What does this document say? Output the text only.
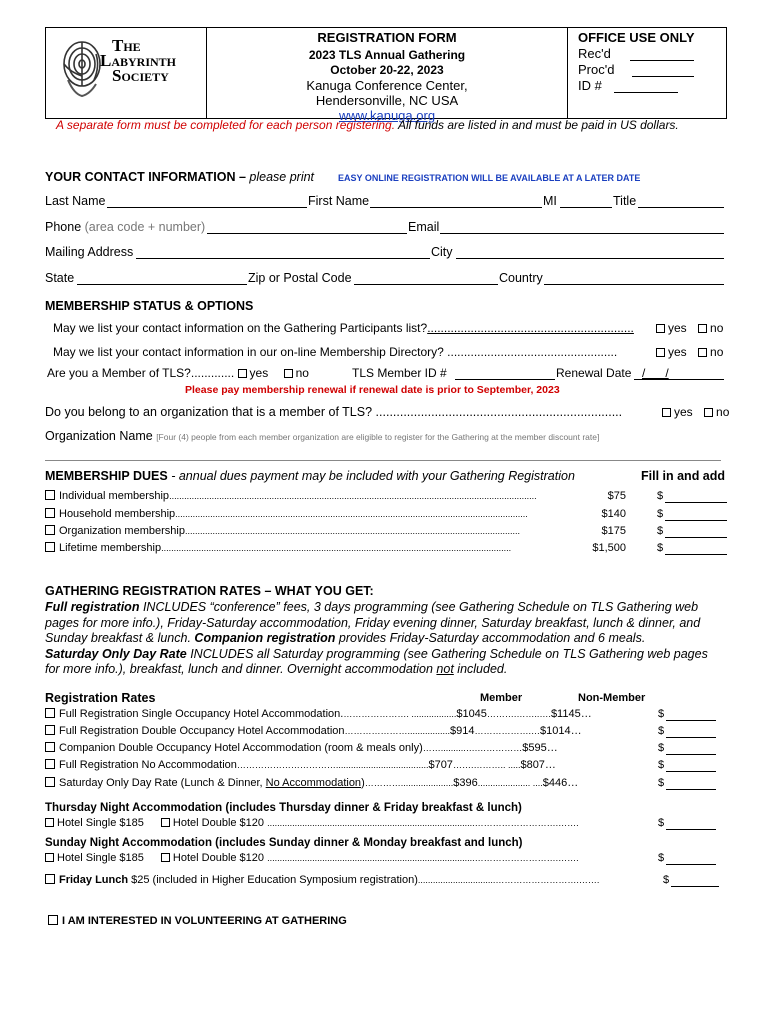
The
Labyrinth
Society
REGISTRATION FORM
2023 TLS Annual Gathering
October 20-22, 2023
Kanuga Conference Center,
Hendersonville, NC USA
www.kanuga.org
OFFICE USE ONLY
Rec'd
Proc'd
ID #
A separate form must be completed for each person registering. All funds are listed in and must be paid in US dollars.
YOUR CONTACT INFORMATION – please print	EASY ONLINE REGISTRATION WILL BE AVAILABLE AT A LATER DATE
Last Name	First Name	MI	Title
Phone (area code + number)	Email
Mailing Address	City
State	Zip or Postal Code	Country
MEMBERSHIP STATUS & OPTIONS
May we list your contact information on the Gathering Participants list?..............................................................	yes no
May we list your contact information in our on-line Membership Directory? ...................................................	yes no
Are you a Member of TLS?............. yes no	TLS Member ID #	Renewal Date /      /
Please pay membership renewal if renewal date is prior to September, 2023
Do you belong to an organization that is a member of TLS? .......................................................................	yes no
Organization Name [Four (4) people from each member organization are eligible to register for the Gathering at the member discount rate]
MEMBERSHIP DUES - annual dues payment may be included with your Gathering Registration	Fill in and add
Individual membership...................................................................................................................................................	$75	$
Household membership.............................................................................................................................................	$140	$
Organization membership......................................................................................................................................	$175	$
Lifetime membership............................................................................................................................................	$1,500	$
GATHERING REGISTRATION RATES – WHAT YOU GET:
Full registration INCLUDES “conference” fees, 3 days programming (see Gathering Schedule on TLS Gathering web pages for more info.), Friday-Saturday accommodation, Friday evening dinner, Saturday breakfast, lunch & dinner, and Sunday breakfast & lunch. Companion registration provides Friday-Saturday accommodation and 6 meals.
Saturday Only Day Rate INCLUDES all Saturday programming (see Gathering Schedule on TLS Gathering web pages for more info.), breakfast, lunch and dinner. Overnight accommodation not included.
Registration Rates	Member	Non-Member
Full Registration Single Occupancy Hotel Accommodation.…………………. ..................$1045……….……..….$1145…	$
Full Registration Double Occupancy Hotel Accommodation………………….................$914……………….…$1014…	$
Companion Double Occupancy Hotel Accommodation (room & meals only)……..........….……………$595…	$
Full Registration No Accommodation…………………………….....................................$707…….……….. .....$807…	$
Saturday Only Day Rate (Lunch & Dinner, No Accommodation)………….....................$396..................... ....$446…	$
Thursday Night Accommodation (includes Thursday dinner & Friday breakfast & lunch)
Hotel Single $185	Hotel Double $120 ...................................................................................……………………….…….	$
Sunday Night Accommodation (includes Sunday dinner & Monday breakfast and lunch)
Hotel Single $185	Hotel Double $120 ...................................................................................……………………….…….	$
Friday Lunch $25 (included in Higher Education Symposium registration)...............................……………………….…….	$
I AM INTERESTED IN VOLUNTEERING AT GATHERING
